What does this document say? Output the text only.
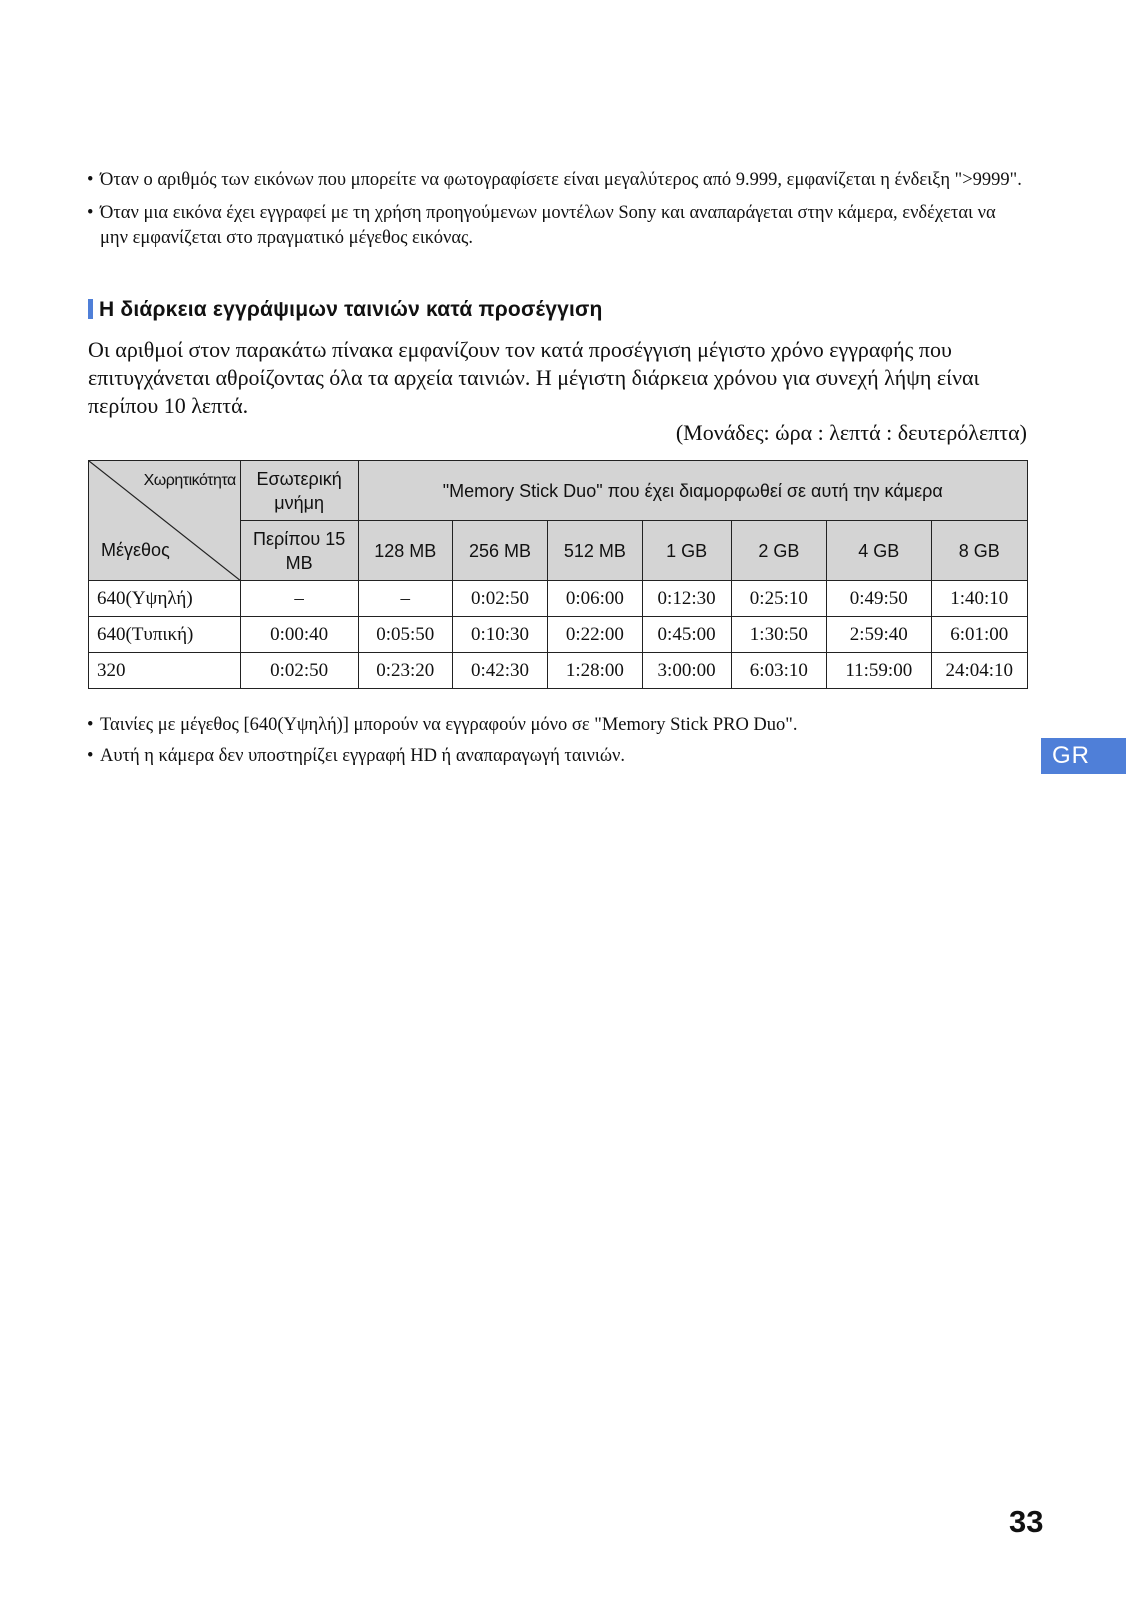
• Όταν ο αριθμός των εικόνων που μπορείτε να φωτογραφίσετε είναι μεγαλύτερος από 9.999, εμφανίζεται η ένδειξη ">9999".
• Όταν μια εικόνα έχει εγγραφεί με τη χρήση προηγούμενων μοντέλων Sony και αναπαράγεται στην κάμερα, ενδέχεται να μην εμφανίζεται στο πραγματικό μέγεθος εικόνας.
Η διάρκεια εγγράψιμων ταινιών κατά προσέγγιση
Οι αριθμοί στον παρακάτω πίνακα εμφανίζουν τον κατά προσέγγιση μέγιστο χρόνο εγγραφής που επιτυγχάνεται αθροίζοντας όλα τα αρχεία ταινιών. Η μέγιστη διάρκεια χρόνου για συνεχή λήψη είναι περίπου 10 λεπτά.
(Μονάδες: ώρα : λεπτά : δευτερόλεπτα)
Χωρητικότητα
Μέγεθος	Εσωτερική μνήμη	"Memory Stick Duo" που έχει διαμορφωθεί σε αυτή την κάμερα						
	Περίπου 15 MB	128 MB	256 MB	512 MB	1 GB	2 GB	4 GB	8 GB
640(Υψηλή)	–	–	0:02:50	0:06:00	0:12:30	0:25:10	0:49:50	1:40:10
640(Τυπική)	0:00:40	0:05:50	0:10:30	0:22:00	0:45:00	1:30:50	2:59:40	6:01:00
320	0:02:50	0:23:20	0:42:30	1:28:00	3:00:00	6:03:10	11:59:00	24:04:10
• Ταινίες με μέγεθος [640(Υψηλή)] μπορούν να εγγραφούν μόνο σε "Memory Stick PRO Duo".
• Αυτή η κάμερα δεν υποστηρίζει εγγραφή HD ή αναπαραγωγή ταινιών.	GR
33
